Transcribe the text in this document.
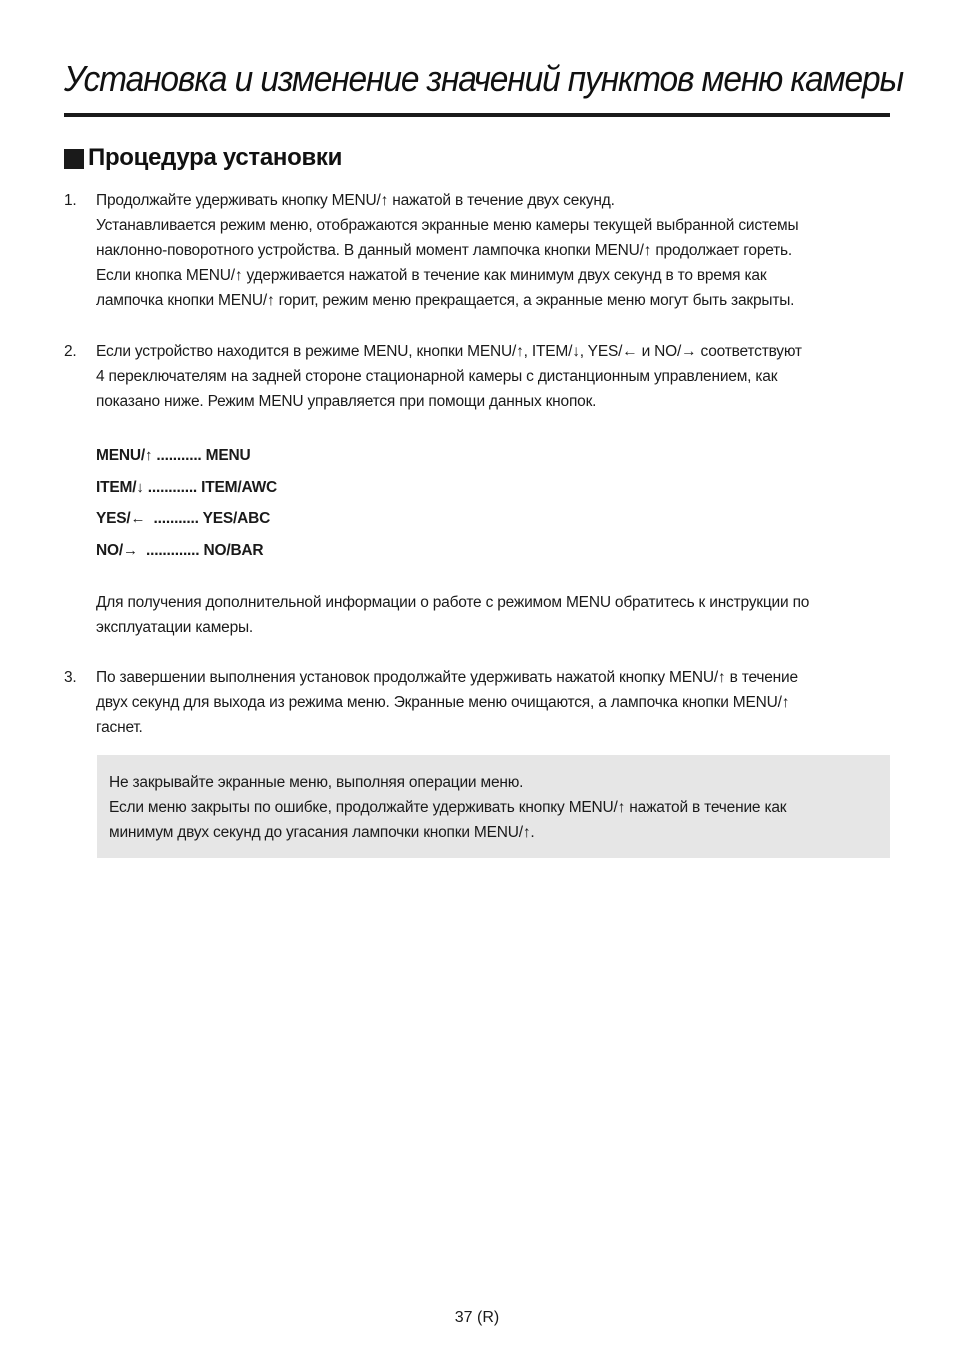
Установка и изменение значений пунктов меню камеры
Процедура установки
1. Продолжайте удерживать кнопку MENU/↑ нажатой в течение двух секунд.
Устанавливается режим меню, отображаются экранные меню камеры текущей выбранной системы
наклонно-поворотного устройства. В данный момент лампочка кнопки MENU/↑ продолжает гореть.
Если кнопка MENU/↑ удерживается нажатой в течение как минимум двух секунд в то время как
лампочка кнопки MENU/↑ горит, режим меню прекращается, а экранные меню могут быть закрыты.
2. Если устройство находится в режиме MENU, кнопки MENU/↑, ITEM/↓, YES/← и NO/→ соответствуют
4 переключателям на задней стороне стационарной камеры с дистанционным управлением, как
показано ниже. Режим MENU управляется при помощи данных кнопок.
MENU/↑ ........... MENU
ITEM/↓ ............ ITEM/AWC
YES/←  ........... YES/ABC
NO/→  ............. NO/BAR
Для получения дополнительной информации о работе с режимом MENU обратитесь к инструкции по
эксплуатации камеры.
3. По завершении выполнения установок продолжайте удерживать нажатой кнопку MENU/↑ в течение
двух секунд для выхода из режима меню. Экранные меню очищаются, а лампочка кнопки MENU/↑
гаснет.
Не закрывайте экранные меню, выполняя операции меню.
Если меню закрыты по ошибке, продолжайте удерживать кнопку MENU/↑ нажатой в течение как
минимум двух секунд до угасания лампочки кнопки MENU/↑.
37 (R)
